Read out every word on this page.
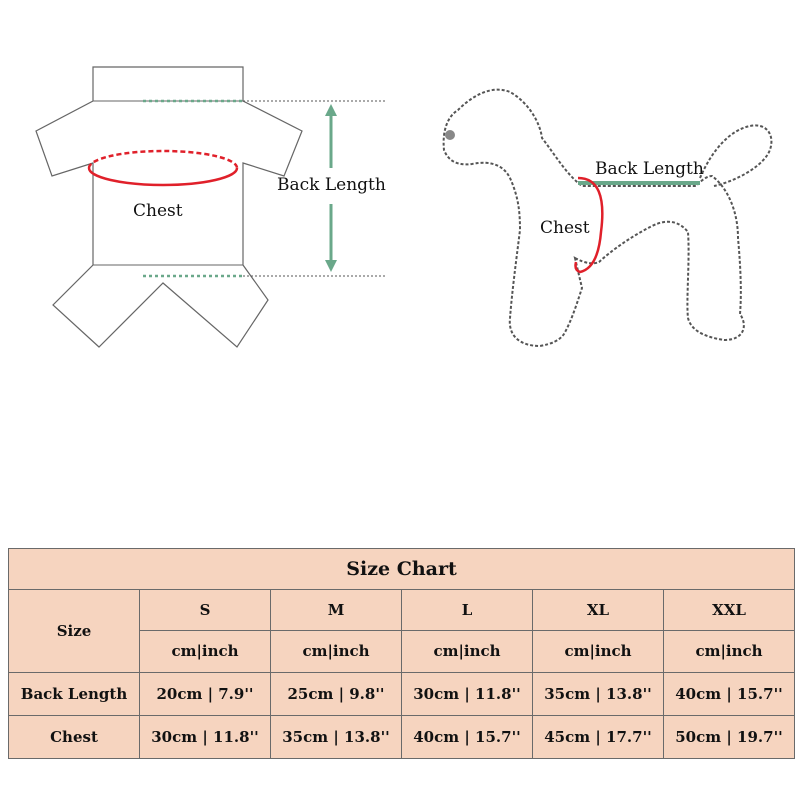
Back Length
Chest
Back Length
Chest
Size Chart					
Size	S	M	L	XL	XXL
	cm|inch	cm|inch	cm|inch	cm|inch	cm|inch
Back Length	20cm | 7.9''	25cm | 9.8''	30cm | 11.8''	35cm | 13.8''	40cm | 15.7''
Chest	30cm | 11.8''	35cm | 13.8''	40cm | 15.7''	45cm | 17.7''	50cm | 19.7''
